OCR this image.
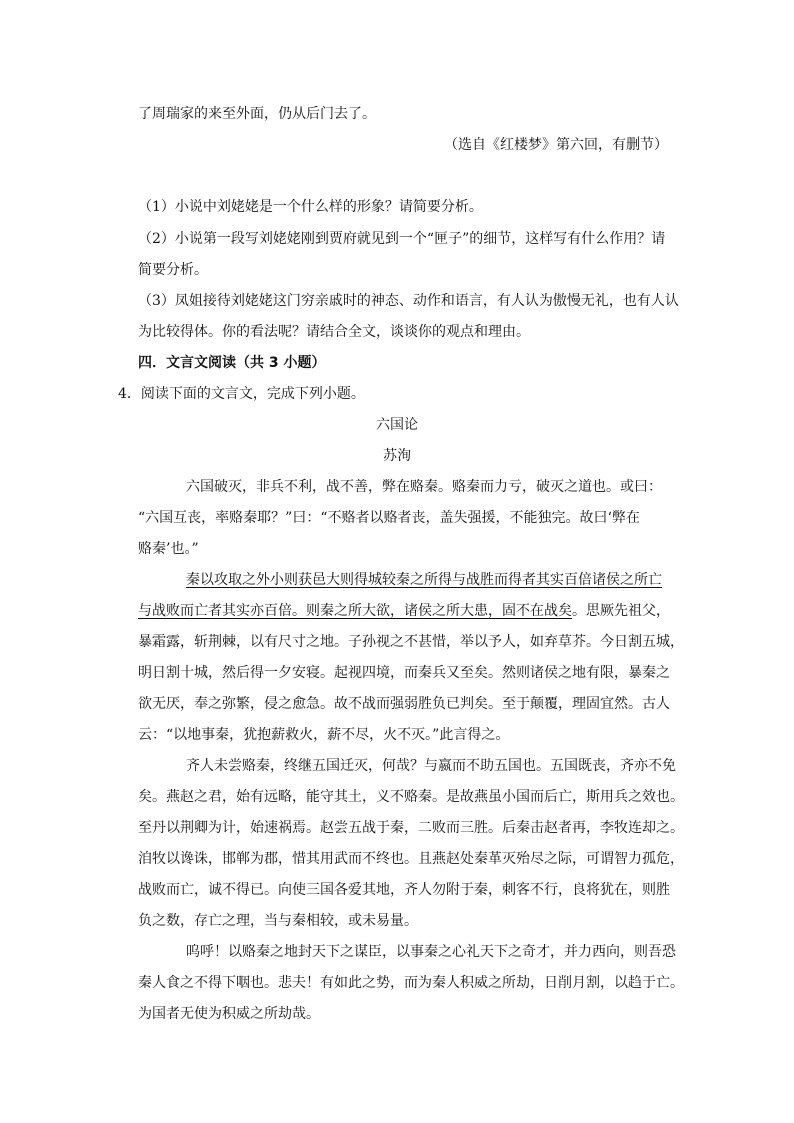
了周瑞家的来至外面，仍从后门去了。
（选自《红楼梦》第六回，有删节）
（1）小说中刘姥姥是一个什么样的形象？请简要分析。
（2）小说第一段写刘姥姥刚到贾府就见到一个“匣子”的细节，这样写有什么作用？请
简要分析。
（3）凤姐接待刘姥姥这门穷亲戚时的神态、动作和语言，有人认为傲慢无礼，也有人认
为比较得体。你的看法呢？请结合全文，谈谈你的观点和理由。
四．文言文阅读（共 3 小题）
4．阅读下面的文言文，完成下列小题。
六国论
苏洵
六国破灭，非兵不利，战不善，弊在赂秦。赂秦而力亏，破灭之道也。或曰：
“六国互丧，率赂秦耶？”曰：“不赂者以赂者丧，盖失强援，不能独完。故曰‘弊在
赂秦’也。”
秦以攻取之外小则获邑大则得城较秦之所得与战胜而得者其实百倍诸侯之所亡
与战败而亡者其实亦百倍。则秦之所大欲，诸侯之所大患，固不在战矣。思厥先祖父，
暴霜露，斩荆棘，以有尺寸之地。子孙视之不甚惜，举以予人，如弃草芥。今日割五城，
明日割十城，然后得一夕安寝。起视四境，而秦兵又至矣。然则诸侯之地有限，暴秦之
欲无厌，奉之弥繁，侵之愈急。故不战而强弱胜负已判矣。至于颠覆，理固宜然。古人
云：“以地事秦，犹抱薪救火，薪不尽，火不灭。”此言得之。
齐人未尝赂秦，终继五国迁灭，何哉？与嬴而不助五国也。五国既丧，齐亦不免
矣。燕赵之君，始有远略，能守其土，义不赂秦。是故燕虽小国而后亡，斯用兵之效也。
至丹以荆卿为计，始速祸焉。赵尝五战于秦，二败而三胜。后秦击赵者再，李牧连却之。
洎牧以谗诛，邯郸为郡，惜其用武而不终也。且燕赵处秦革灭殆尽之际，可谓智力孤危，
战败而亡，诚不得已。向使三国各爱其地，齐人勿附于秦，刺客不行，良将犹在，则胜
负之数，存亡之理，当与秦相较，或未易量。
呜呼！以赂秦之地封天下之谋臣，以事秦之心礼天下之奇才，并力西向，则吾恐
秦人食之不得下咽也。悲夫！有如此之势，而为秦人积威之所劫，日削月割，以趋于亡。
为国者无使为积威之所劫哉。
